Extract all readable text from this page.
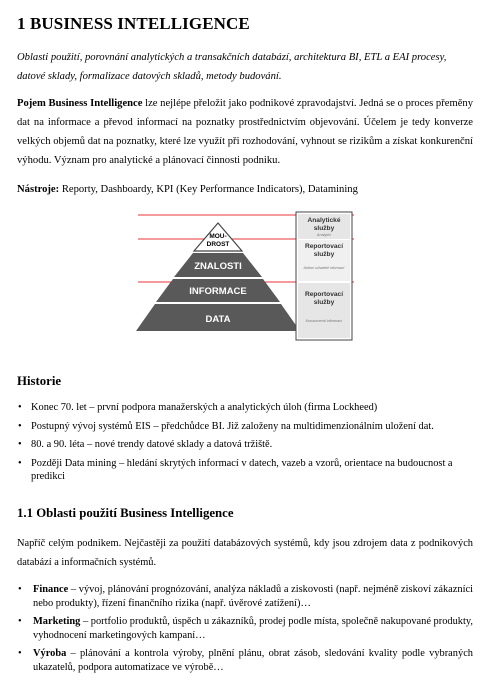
1 BUSINESS INTELLIGENCE
Oblasti použití, porovnání analytických a transakčních databází, architektura BI, ETL a EAI procesy, datové sklady, formalizace datových skladů, metody budování.
Pojem Business Intelligence lze nejlépe přeložit jako podnikové zpravodajství. Jedná se o proces přeměny dat na informace a převod informací na poznatky prostřednictvím objevování. Účelem je tedy konverze velkých objemů dat na poznatky, které lze využít při rozhodování, vyhnout se rizikům a získat konkurenční výhodu. Význam pro analytické a plánovací činnosti podniku.
Nástroje: Reporty, Dashboardy, KPI (Key Performance Indicators), Datamining
MOU-
DROST
ZNALOSTI
INFORMACE
DATA
Analytické
služby
Analytici
Reportovací
služby
Aktivní uživatelé informací
Reportovací
služby
Konzumenti informací
Historie
• Konec 70. let – první podpora manažerských a analytických úloh (firma Lockheed)
• Postupný vývoj systémů EIS – předchůdce BI. Již založeny na multidimenzionálním uložení dat.
• 80. a 90. léta – nové trendy datové sklady a datová tržiště.
• Později Data mining – hledání skrytých informací v datech, vazeb a vzorů, orientace na budoucnost a predikci
1.1 Oblasti použití Business Intelligence
Napříč celým podnikem. Nejčastěji za použití databázových systémů, kdy jsou zdrojem data z podnikových databází a informačních systémů.
• Finance – vývoj, plánování prognózování, analýza nákladů a ziskovosti (např. nejméně ziskoví zákazníci nebo produkty), řízení finančního rizika (např. úvěrové zatížení)…
• Marketing – portfolio produktů, úspěch u zákazníků, prodej podle místa, společně nakupované produkty, vyhodnocení marketingových kampaní…
• Výroba – plánování a kontrola výroby, plnění plánu, obrat zásob, sledování kvality podle vybraných ukazatelů, podpora automatizace ve výrobě…
